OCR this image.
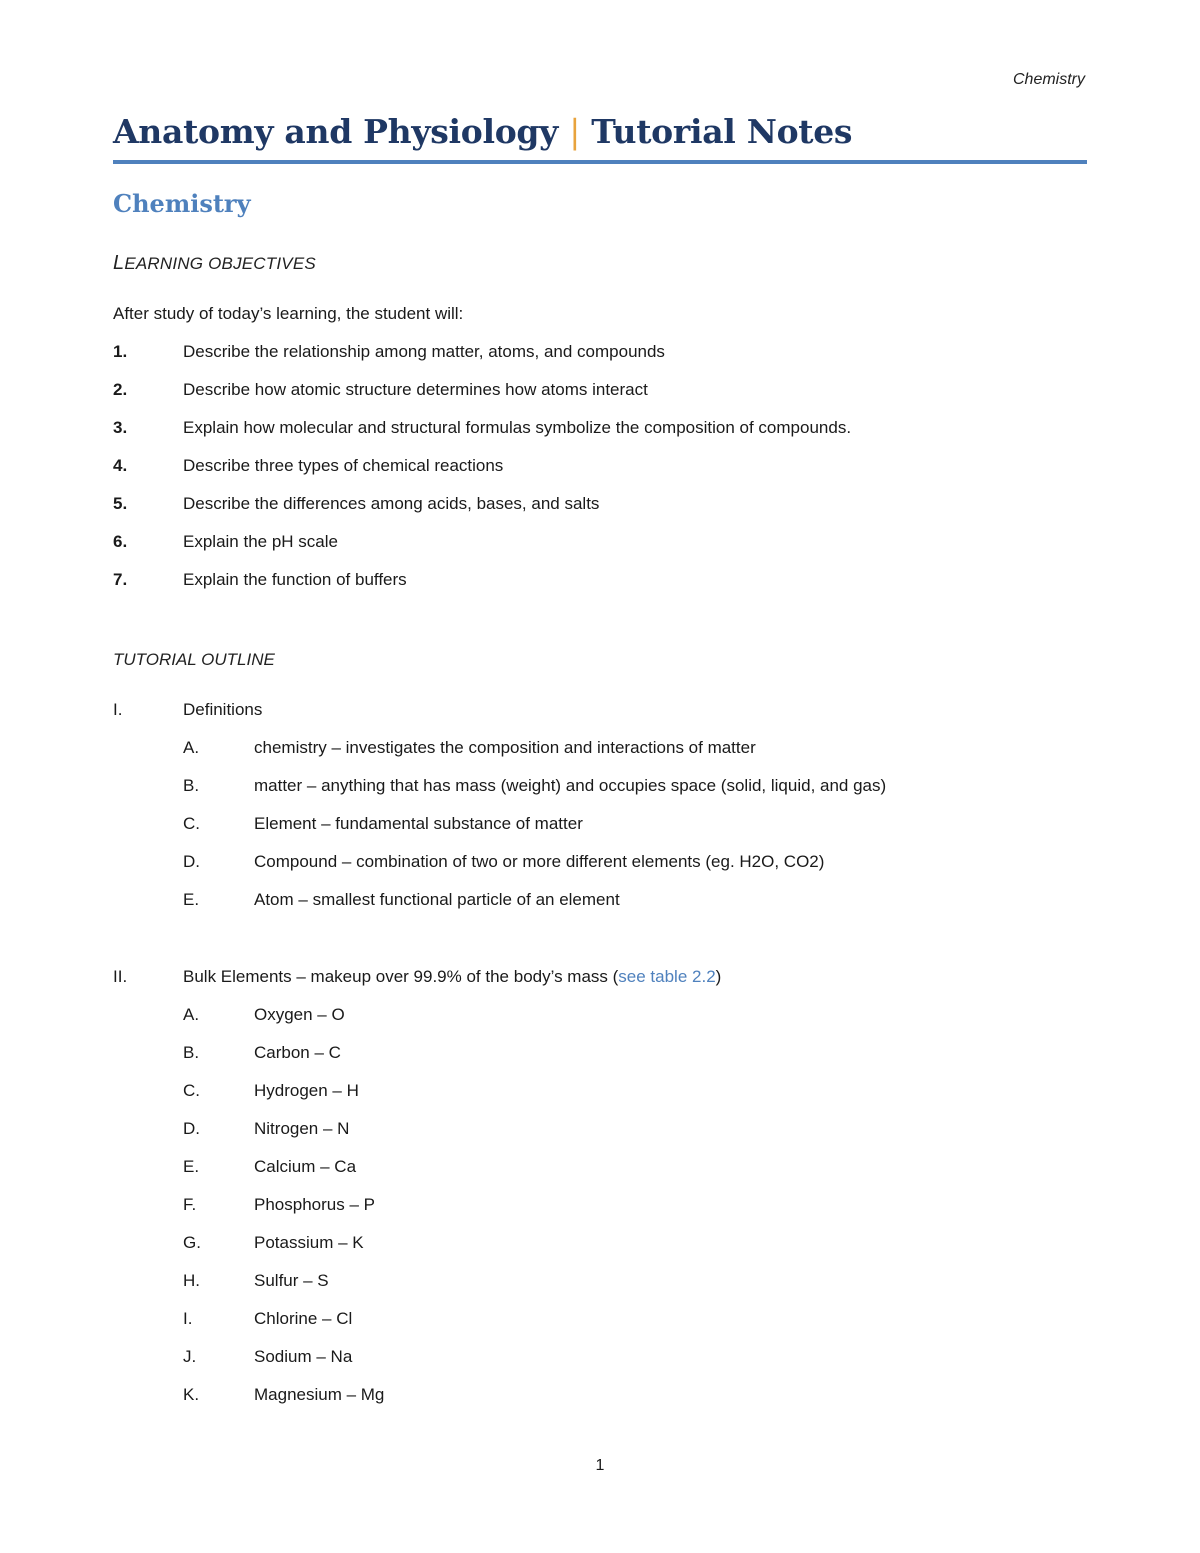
Chemistry
Anatomy and Physiology | Tutorial Notes
Chemistry
LEARNING OBJECTIVES
After study of today’s learning, the student will:
1.	Describe the relationship among matter, atoms, and compounds
2.	Describe how atomic structure determines how atoms interact
3.	Explain how molecular and structural formulas symbolize the composition of compounds.
4.	Describe three types of chemical reactions
5.	Describe the differences among acids, bases, and salts
6.	Explain the pH scale
7.	Explain the function of buffers
TUTORIAL OUTLINE
I.	Definitions
A.	chemistry – investigates the composition and interactions of matter
B.	matter – anything that has mass (weight) and occupies space (solid, liquid, and gas)
C.	Element – fundamental substance of matter
D.	Compound – combination of two or more different elements (eg. H2O, CO2)
E.	Atom – smallest functional particle of an element
II.	Bulk Elements – makeup over 99.9% of the body’s mass (see table 2.2)
A.	Oxygen – O
B.	Carbon – C
C.	Hydrogen – H
D.	Nitrogen – N
E.	Calcium – Ca
F.	Phosphorus – P
G.	Potassium – K
H.	Sulfur – S
I.	Chlorine – Cl
J.	Sodium – Na
K.	Magnesium – Mg
1
